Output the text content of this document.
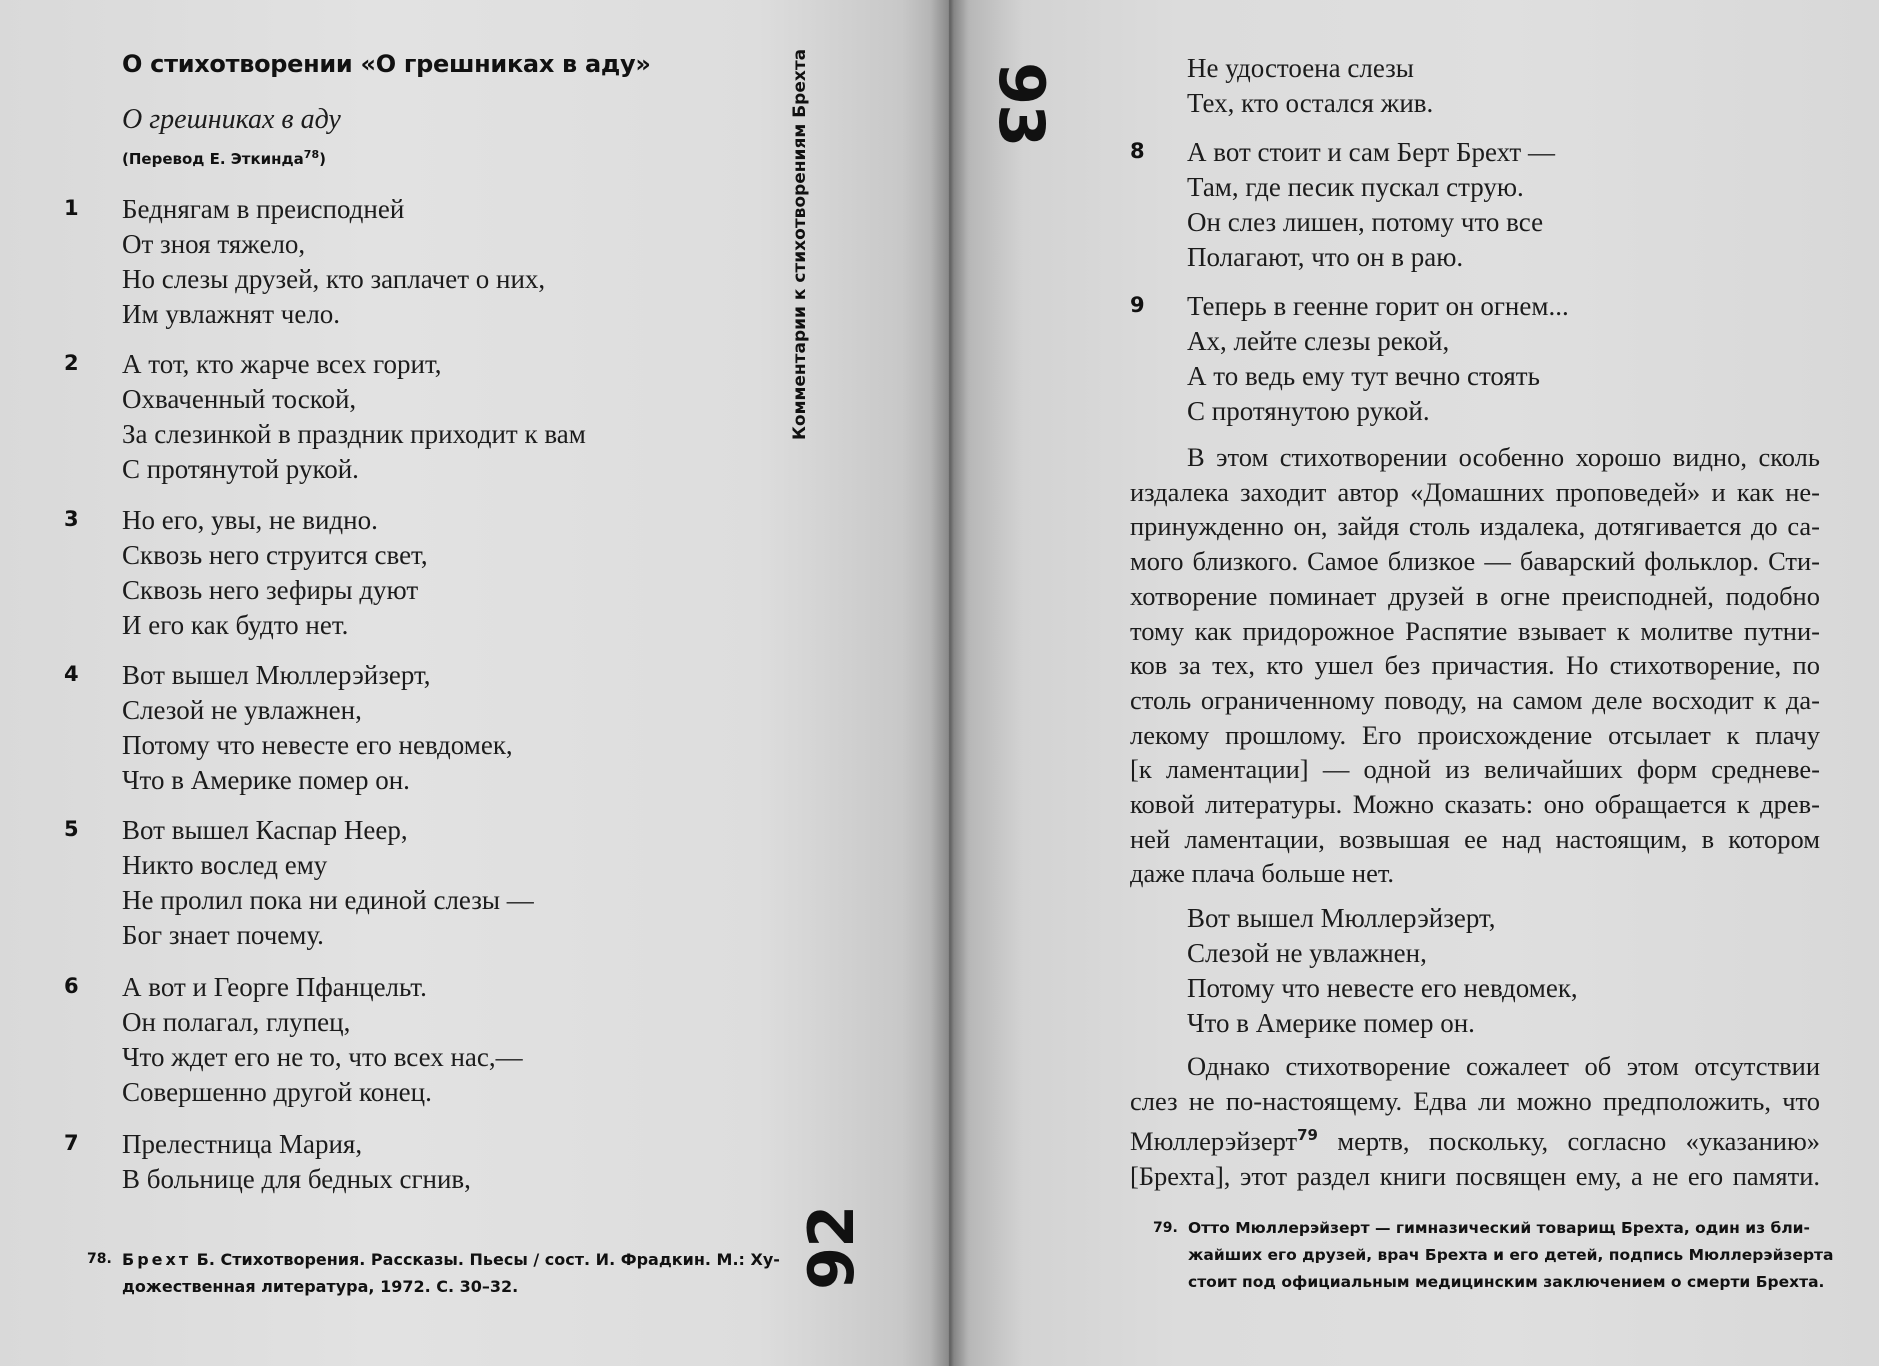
О стихотворении «О грешниках в аду»
О грешниках в аду
(Перевод Е. Эткинда$^{78}$)
1	Беднягам в преисподней
От зноя тяжело,
Но слезы друзей, кто заплачет о них,
Им увлажнят чело.
2	А тот, кто жарче всех горит,
Охваченный тоской,
За слезинкой в праздник приходит к вам
С протянутой рукой.
3	Но его, увы, не видно.
Сквозь него струится свет,
Сквозь него зефиры дуют
И его как будто нет.
4	Вот вышел Мюллерэйзерт,
Слезой не увлажнен,
Потому что невесте его невдомек,
Что в Америке помер он.
5	Вот вышел Каспар Неер,
Никто вослед ему
Не пролил пока ни единой слезы —
Бог знает почему.
6	А вот и Георге Пфанцельт.
Он полагал, глупец,
Что ждет его не то, что всех нас,—
Совершенно другой конец.
7	Прелестница Мария,
В больнице для бедных сгнив,
Комментарии к стихотворениям Брехта
92
78. Брехт Б. Стихотворения. Рассказы. Пьесы / сост. И. Фрадкин. М.: Ху-
дожественная литература, 1972. С. 30–32.
93	Не удостоена слезы
Тех, кто остался жив.
8	А вот стоит и сам Берт Брехт —
Там, где песик пускал струю.
Он слез лишен, потому что все
Полагают, что он в раю.
9	Теперь в геенне горит он огнем...
Ах, лейте слезы рекой,
А то ведь ему тут вечно стоять
С протянутою рукой.
В этом стихотворении особенно хорошо видно, сколь
издалека заходит автор «Домашних проповедей» и как не-
принужденно он, зайдя столь издалека, дотягивается до са-
мого близкого. Самое близкое — баварский фольклор. Сти-
хотворение поминает друзей в огне преисподней, подобно
тому как придорожное Распятие взывает к молитве путни-
ков за тех, кто ушел без причастия. Но стихотворение, по
столь ограниченному поводу, на самом деле восходит к да-
лекому прошлому. Его происхождение отсылает к плачу
[к ламентации] — одной из величайших форм средневе-
ковой литературы. Можно сказать: оно обращается к древ-
ней ламентации, возвышая ее над настоящим, в котором
даже плача больше нет.
Вот вышел Мюллерэйзерт,
Слезой не увлажнен,
Потому что невесте его невдомек,
Что в Америке помер он.
Однако стихотворение сожалеет об этом отсутствии
слез не по-настоящему. Едва ли можно предположить, что
Мюллерэйзерт$^{79}$ мертв, поскольку, согласно «указанию»
[Брехта], этот раздел книги посвящен ему, а не его памяти.
79. Отто Мюллерэйзерт — гимназический товарищ Брехта, один из бли-
жайших его друзей, врач Брехта и его детей, подпись Мюллерэйзерта
стоит под официальным медицинским заключением о смерти Брехта.
